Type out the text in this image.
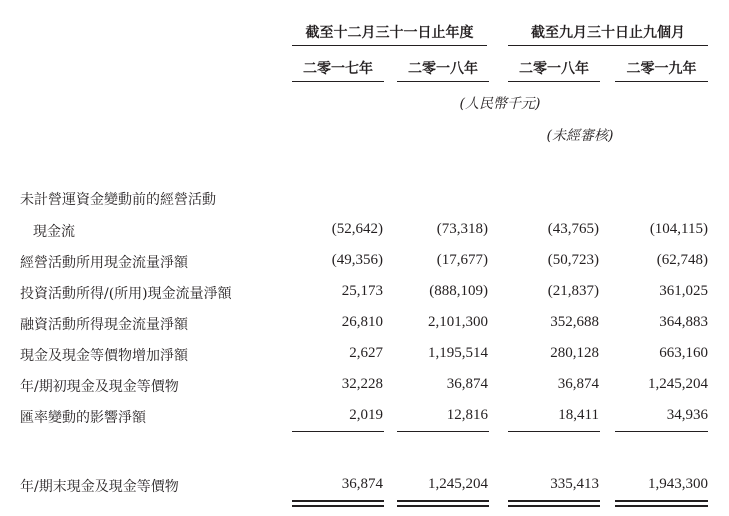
截至十二月三十一日止年度	截至九月三十日止九個月
二零一七年	二零一八年	二零一八年	二零一九年
(人民幣千元)
(未經審核)
未計營運資金變動前的經營活動
現金流	(52,642)	(73,318)	(43,765)	(104,115)
經營活動所用現金流量淨額	(49,356)	(17,677)	(50,723)	(62,748)
投資活動所得/(所用)現金流量淨額	25,173	(888,109)	(21,837)	361,025
融資活動所得現金流量淨額	26,810	2,101,300	352,688	364,883
現金及現金等價物增加淨額	2,627	1,195,514	280,128	663,160
年/期初現金及現金等價物	32,228	36,874	36,874	1,245,204
匯率變動的影響淨額	2,019	12,816	18,411	34,936
年/期末現金及現金等價物	36,874	1,245,204	335,413	1,943,300
